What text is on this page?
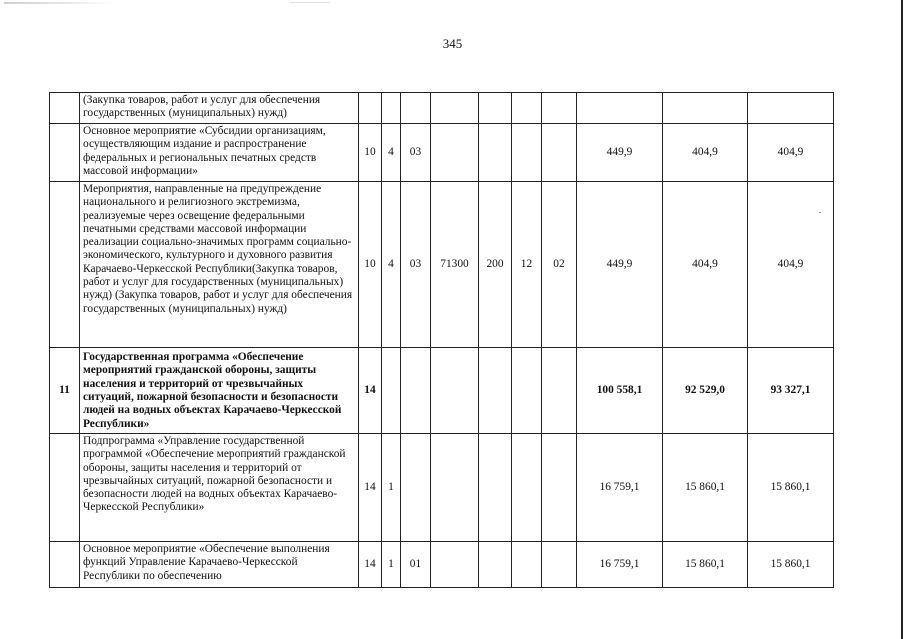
345
	(Закупка товаров, работ и услуг для обеспечения государственных (муниципальных) нужд)										
	Основное мероприятие «Субсидии организациям, осуществляющим издание и распространение федеральных и региональных печатных средств массовой информации»	10	4	03					449,9	404,9	404,9
	Мероприятия, направленные на предупреждение национального и религиозного экстремизма, реализуемые через освещение федеральными печатными средствами массовой информации реализации социально-значимых программ социально-экономического, культурного и духовного развития Карачаево-Черкесской Республики(Закупка товаров, работ и услуг для государственных (муниципальных) нужд) (Закупка товаров, работ и услуг для обеспечения государственных (муниципальных) нужд)	10	4	03	71300	200	12	02	449,9	404,9	404,9
11	Государственная программа «Обеспечение мероприятий гражданской обороны, защиты населения и территорий от чрезвычайных ситуаций, пожарной безопасности и безопасности людей на водных объектах Карачаево-Черкесской Республики»	14							100 558,1	92 529,0	93 327,1
	Подпрограмма «Управление государственной программой «Обеспечение мероприятий гражданской обороны, защиты населения и территорий от чрезвычайных ситуаций, пожарной безопасности и безопасности людей на водных объектах Карачаево-Черкесской Республики»	14	1						16 759,1	15 860,1	15 860,1
	Основное мероприятие «Обеспечение выполнения функций Управление Карачаево-Черкесской Республики по обеспечению	14	1	01					16 759,1	15 860,1	15 860,1
